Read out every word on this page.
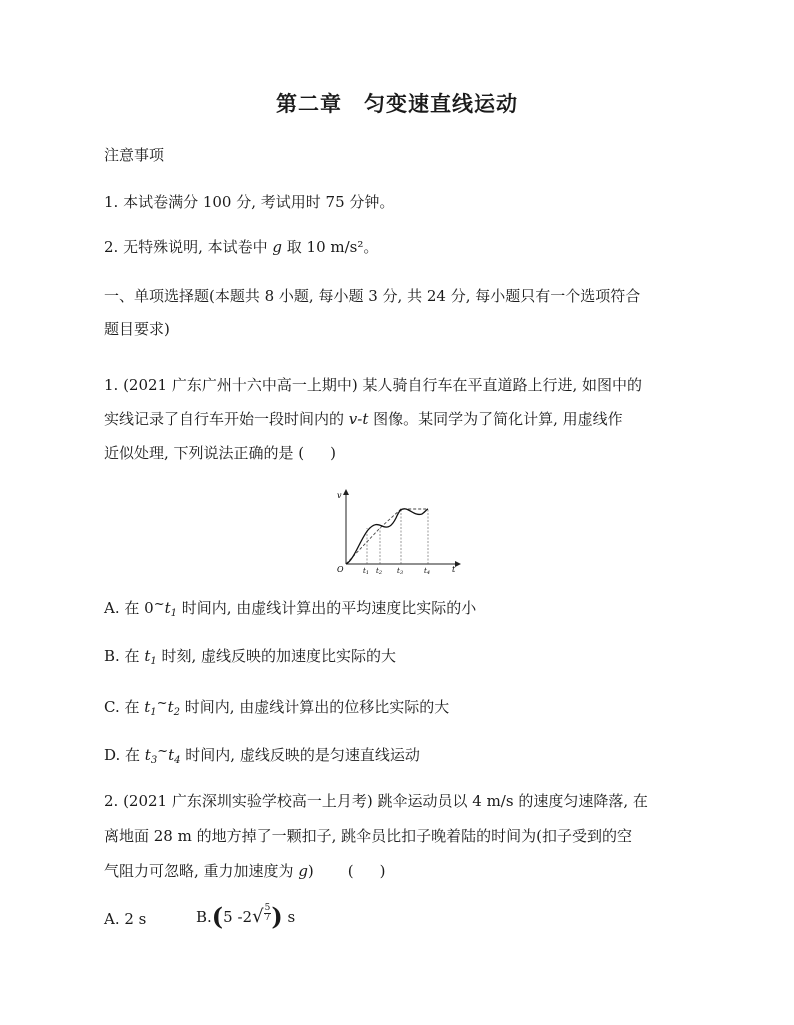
第二章 匀变速直线运动
注意事项
1. 本试卷满分 100 分, 考试用时 75 分钟。
2. 无特殊说明, 本试卷中 g 取 10 m/s²。
一、单项选择题(本题共 8 小题, 每小题 3 分, 共 24 分, 每小题只有一个选项符合
题目要求)
1. (2021 广东广州十六中高一上期中) 某人骑自行车在平直道路上行进, 如图中的
实线记录了自行车开始一段时间内的 v-t 图像。某同学为了简化计算, 用虚线作
近似处理, 下列说法正确的是 ( )
v
t
O	t1 t2 t3	t4
A. 在 $0\sim t_1$ 时间内, 由虚线计算出的平均速度比实际的小
B. 在 $t_1$ 时刻, 虚线反映的加速度比实际的大
C. 在 $t_1\sim t_2$ 时间内, 由虚线计算出的位移比实际的大
D. 在 $t_3\sim t_4$ 时间内, 虚线反映的是匀速直线运动
2. (2021 广东深圳实验学校高一上月考) 跳伞运动员以 4 m/s 的速度匀速降落, 在
离地面 28 m 的地方掉了一颗扣子, 跳伞员比扣子晚着陆的时间为(扣子受到的空
气阻力可忽略, 重力加速度为 g) ( )
A. 2 s	B.(5 $-2√ \frac{5}{7}$ ) s
